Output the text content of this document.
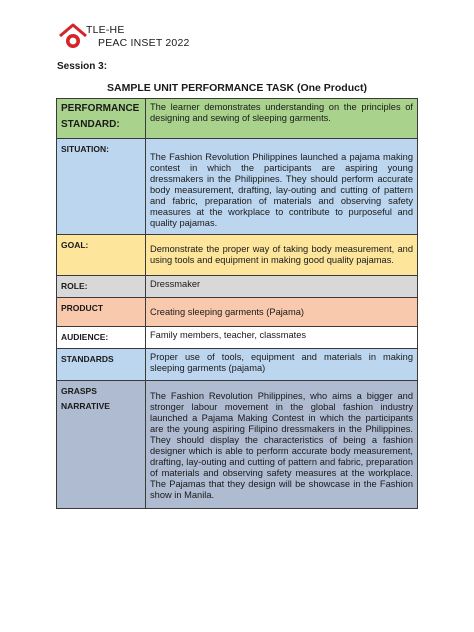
TLE-HE
PEAC INSET 2022
Session 3:
SAMPLE UNIT PERFORMANCE TASK (One Product)
PERFORMANCE STANDARD:	The learner demonstrates understanding on the principles of designing and sewing of sleeping garments.
SITUATION:	The Fashion Revolution Philippines launched a pajama making contest in which the participants are aspiring young dressmakers in the Philippines. They should perform accurate body measurement, drafting, lay-outing and cutting of pattern and fabric, preparation of materials and observing safety measures at the workplace to contribute to purposeful and quality pajamas.
GOAL:	Demonstrate the proper way of taking body measurement, and using tools and equipment in making good quality pajamas.
ROLE:	Dressmaker
PRODUCT	Creating sleeping garments (Pajama)
AUDIENCE:	Family members, teacher, classmates
STANDARDS	Proper use of tools, equipment and materials in making sleeping garments (pajama)
GRASPS NARRATIVE	The Fashion Revolution Philippines, who aims a bigger and stronger labour movement in the global fashion industry launched a Pajama Making Contest in which the participants are the young aspiring Filipino dressmakers in the Philippines. They should display the characteristics of being a fashion designer which is able to perform accurate body measurement, drafting, lay-outing and cutting of pattern and fabric, preparation of materials and observing safety measures at the workplace. The Pajamas that they design will be showcase in the Fashion show in Manila.
